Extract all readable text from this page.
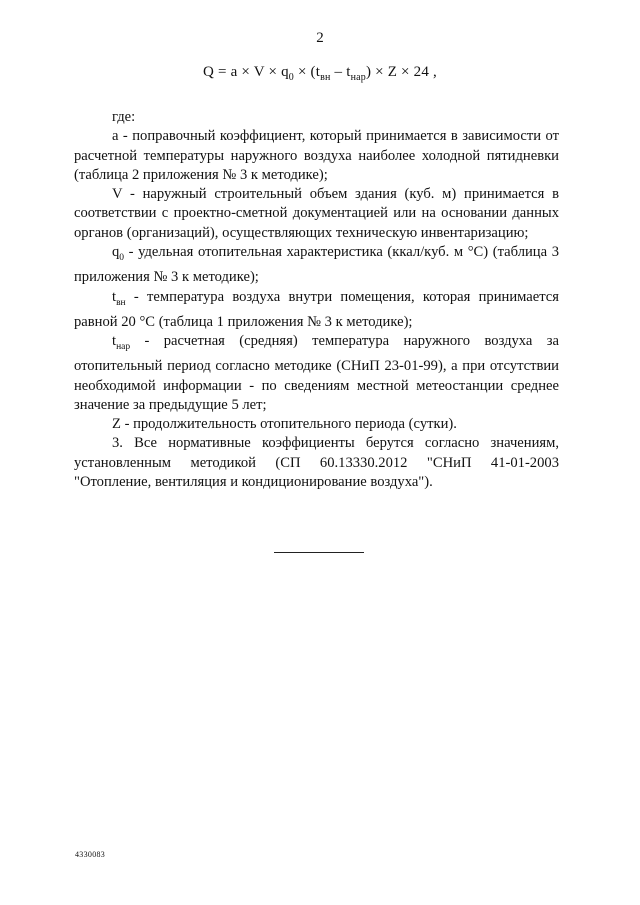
2
$Q = a \times V \times q_0 \times (t_{вн} - t_{нар}) \times Z \times 24$ ,

где:

а - поправочный коэффициент, который принимается в зависимости от расчетной температуры наружного воздуха наиболее холодной пятидневки (таблица 2 приложения № 3 к методике);

V - наружный строительный объем здания (куб. м) принимается в соответствии с проектно-сметной документацией или на основании данных органов (организаций), осуществляющих техническую инвентаризацию;

$q_0$ - удельная отопительная характеристика (ккал/куб. м °С) (таблица 3 приложения № 3 к методике);

$t_{вн}$ - температура воздуха внутри помещения, которая принимается равной 20 °С (таблица 1 приложения № 3 к методике);

$t_{нар}$ - расчетная (средняя) температура наружного воздуха за отопительный период согласно методике (СНиП 23-01-99), а при отсутствии необходимой информации - по сведениям местной метеостанции среднее значение за предыдущие 5 лет;

Z - продолжительность отопительного периода (сутки).

3. Все нормативные коэффициенты берутся согласно значениям, установленным методикой (СП 60.13330.2012 "СНиП 41-01-2003 "Отопление, вентиляция и кондиционирование воздуха").

4330083
